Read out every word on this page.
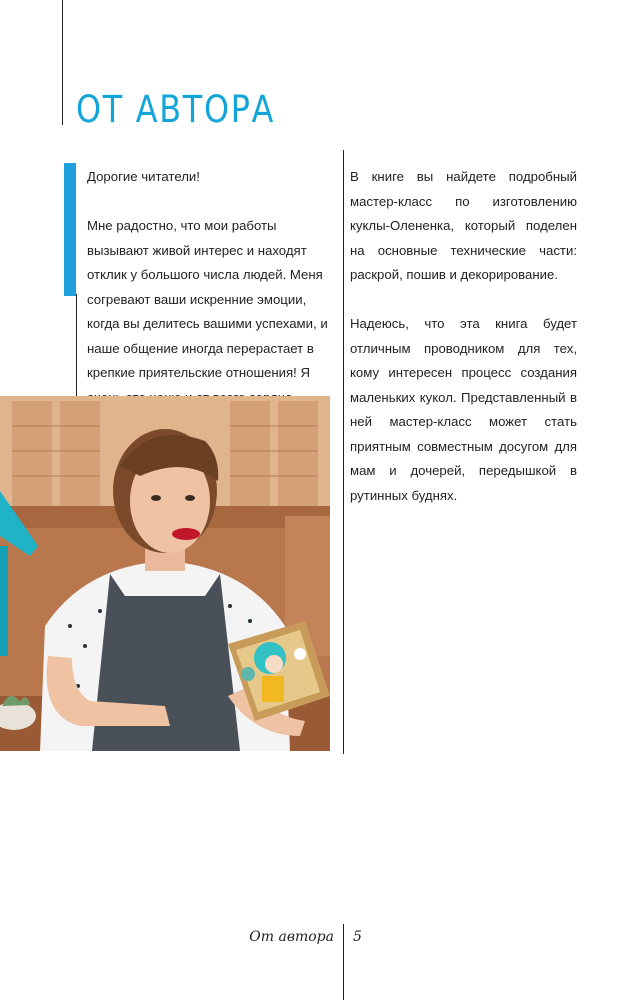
ОТ АВТОРА

Дорогие читатели!

Мне радостно, что мои работы вызывают живой интерес и находят отклик у большого числа людей. Меня согревают ваши искренние эмоции, когда вы делитесь вашими успехами, и наше общение иногда перерастает в крепкие приятельские отношения! Я

В книге вы найдете подробный мастер-класс по изготовлению куклы-Олененка, который поделен на основные технические части: раскрой, пошив и декорирование.

Надеюсь, что эта книга будет отличным проводником для тех, кому интересен процесс создания маленьких кукол. Представленный в ней мастер-класс может стать приятным совместным досугом для мам и дочерей, передышкой в рутинных буднях.

От автора 5
